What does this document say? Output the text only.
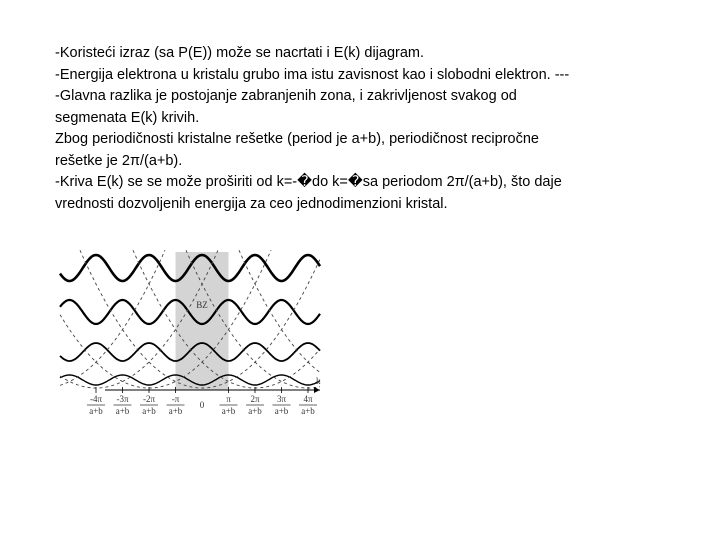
-Koristeći izraz (sa P(E)) može se nacrtati i E(k) dijagram.
-Energija elektrona u kristalu grubo ima istu zavisnost kao i slobodni elektron. ---
-Glavna razlika je postojanje zabranjenih zona, i zakrivljenost svakog od
segmenata E(k) krivih.
Zbog periodičnosti kristalne rešetke (period je a+b), periodičnost recipročne
rešetke je 2π/(a+b).
-Kriva E(k) se se može proširiti od k=-�do k=�sa periodom 2π/(a+b), što daje
vrednosti dozvoljenih energija za ceo jednodimenzioni kristal.
BZ
k
0
-4π
a+b
-3π
a+b
-2π
a+b
-π
a+b
π
a+b
2π
a+b
3π
a+b
4π
a+b
